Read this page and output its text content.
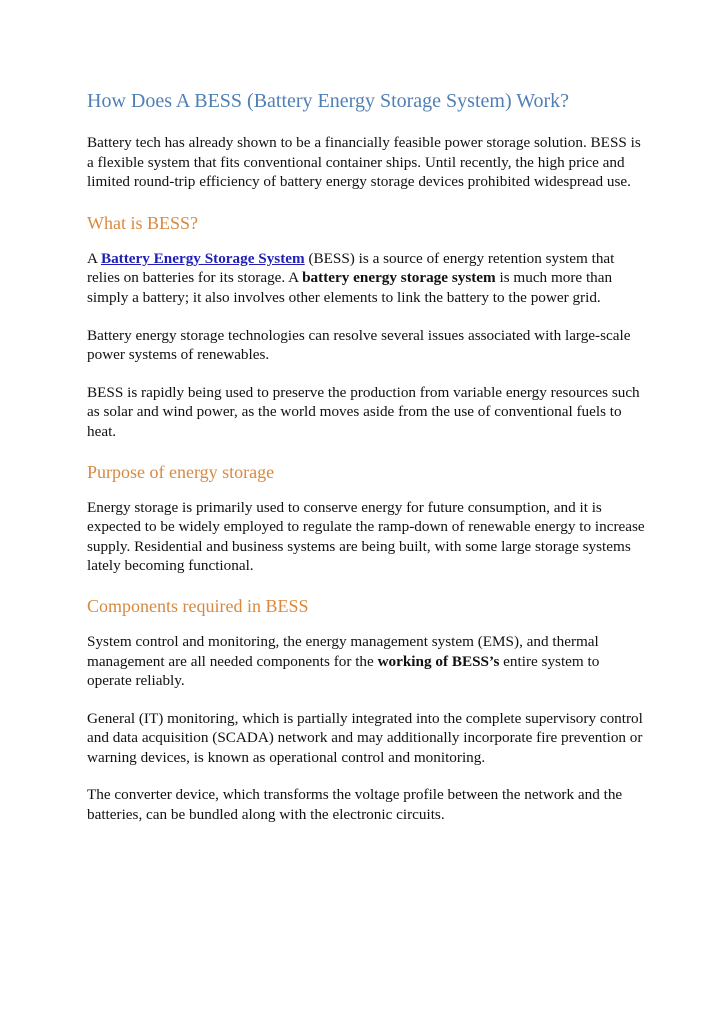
How Does A BESS (Battery Energy Storage System) Work?

Battery tech has already shown to be a financially feasible power storage solution. BESS is a flexible system that fits conventional container ships. Until recently, the high price and limited round-trip efficiency of battery energy storage devices prohibited widespread use.

What is BESS?

A Battery Energy Storage System (BESS) is a source of energy retention system that relies on batteries for its storage. A battery energy storage system is much more than simply a battery; it also involves other elements to link the battery to the power grid.

Battery energy storage technologies can resolve several issues associated with large-scale power systems of renewables.

BESS is rapidly being used to preserve the production from variable energy resources such as solar and wind power, as the world moves aside from the use of conventional fuels to heat.

Purpose of energy storage

Energy storage is primarily used to conserve energy for future consumption, and it is expected to be widely employed to regulate the ramp-down of renewable energy to increase supply. Residential and business systems are being built, with some large storage systems lately becoming functional.

Components required in BESS

System control and monitoring, the energy management system (EMS), and thermal management are all needed components for the working of BESS’s entire system to operate reliably.

General (IT) monitoring, which is partially integrated into the complete supervisory control and data acquisition (SCADA) network and may additionally incorporate fire prevention or warning devices, is known as operational control and monitoring.

The converter device, which transforms the voltage profile between the network and the batteries, can be bundled along with the electronic circuits.
